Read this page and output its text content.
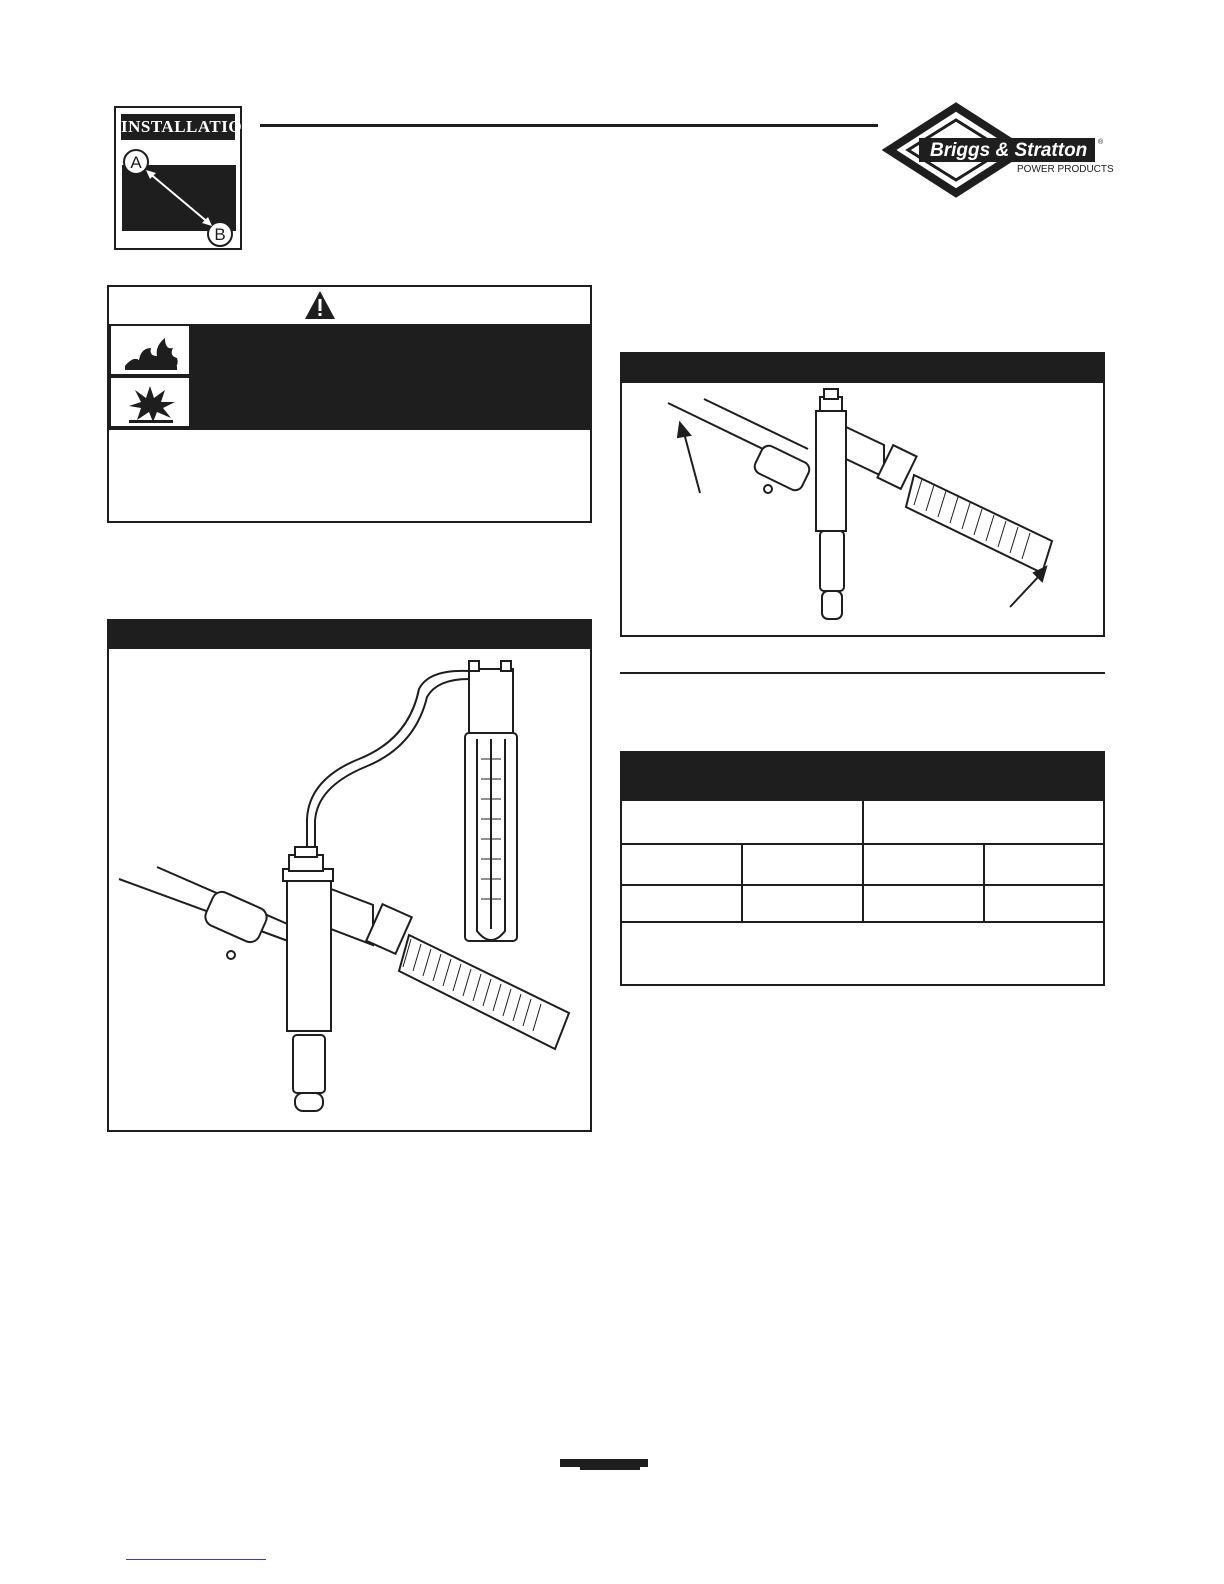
INSTALLATION
A
B
Briggs & Stratton ®
POWER PRODUCTS
